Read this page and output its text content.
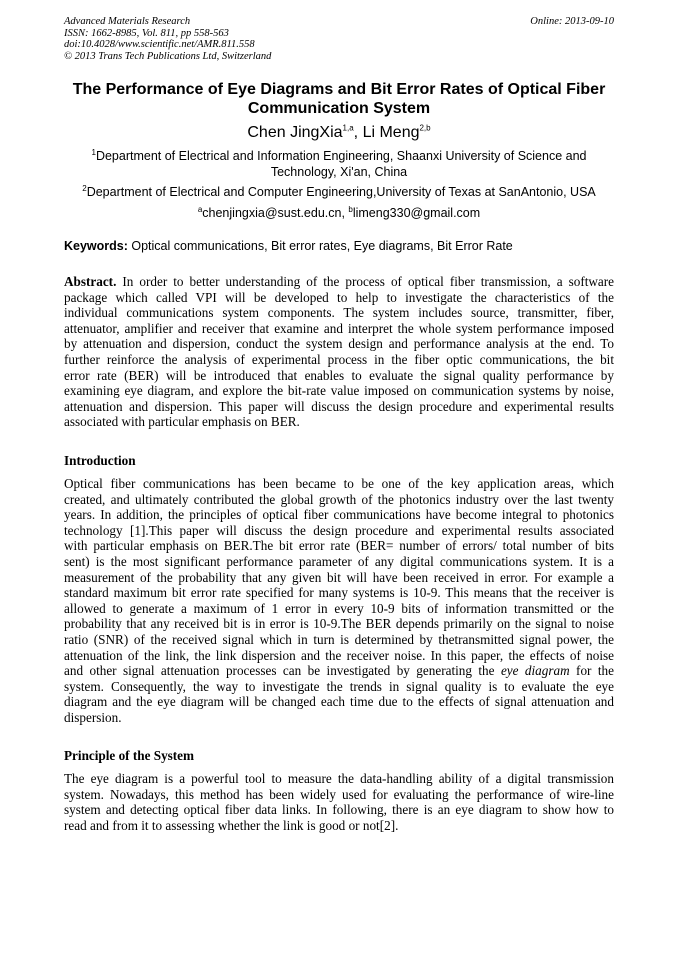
Advanced Materials Research
ISSN: 1662-8985, Vol. 811, pp 558-563
doi:10.4028/www.scientific.net/AMR.811.558
© 2013 Trans Tech Publications Ltd, Switzerland
Online: 2013-09-10
The Performance of Eye Diagrams and Bit Error Rates of Optical Fiber
Communication System
Chen JingXia$^{1,a}$, Li Meng$^{2,b}$
$^1$Department of Electrical and Information Engineering, Shaanxi University of Science and
Technology, Xi'an, China
$^2$Department of Electrical and Computer Engineering,University of Texas at SanAntonio, USA
$^a$chenjingxia@sust.edu.cn, $^b$limeng330@gmail.com
Keywords: Optical communications, Bit error rates, Eye diagrams, Bit Error Rate
Abstract. In order to better understanding of the process of optical fiber transmission, a software
package which called VPI will be developed to help to investigate the characteristics of the
individual communications system components. The system includes source, transmitter, fiber,
attenuator, amplifier and receiver that examine and interpret the whole system performance imposed
by attenuation and dispersion, conduct the system design and performance analysis at the end. To
further reinforce the analysis of experimental process in the fiber optic communications, the bit
error rate (BER) will be introduced that enables to evaluate the signal quality performance by
examining eye diagram, and explore the bit-rate value imposed on communication systems by noise,
attenuation and dispersion. This paper will discuss the design procedure and experimental results
associated with particular emphasis on BER.
Introduction
Optical fiber communications has been became to be one of the key application areas, which
created, and ultimately contributed the global growth of the photonics industry over the last twenty
years. In addition, the principles of optical fiber communications have become integral to photonics
technology [1].This paper will discuss the design procedure and experimental results associated
with particular emphasis on BER.The bit error rate (BER= number of errors/ total number of bits
sent) is the most significant performance parameter of any digital communications system. It is a
measurement of the probability that any given bit will have been received in error. For example a
standard maximum bit error rate specified for many systems is 10-9. This means that the receiver is
allowed to generate a maximum of 1 error in every 10-9 bits of information transmitted or the
probability that any received bit is in error is 10-9.The BER depends primarily on the signal to noise
ratio (SNR) of the received signal which in turn is determined by thetransmitted signal power, the
attenuation of the link, the link dispersion and the receiver noise. In this paper, the effects of noise
and other signal attenuation processes can be investigated by generating the eye diagram for the
system. Consequently, the way to investigate the trends in signal quality is to evaluate the eye
diagram and the eye diagram will be changed each time due to the effects of signal attenuation and
dispersion.
Principle of the System
The eye diagram is a powerful tool to measure the data-handling ability of a digital transmission
system. Nowadays, this method has been widely used for evaluating the performance of wire-line
system and detecting optical fiber data links. In following, there is an eye diagram to show how to
read and from it to assessing whether the link is good or not[2].
